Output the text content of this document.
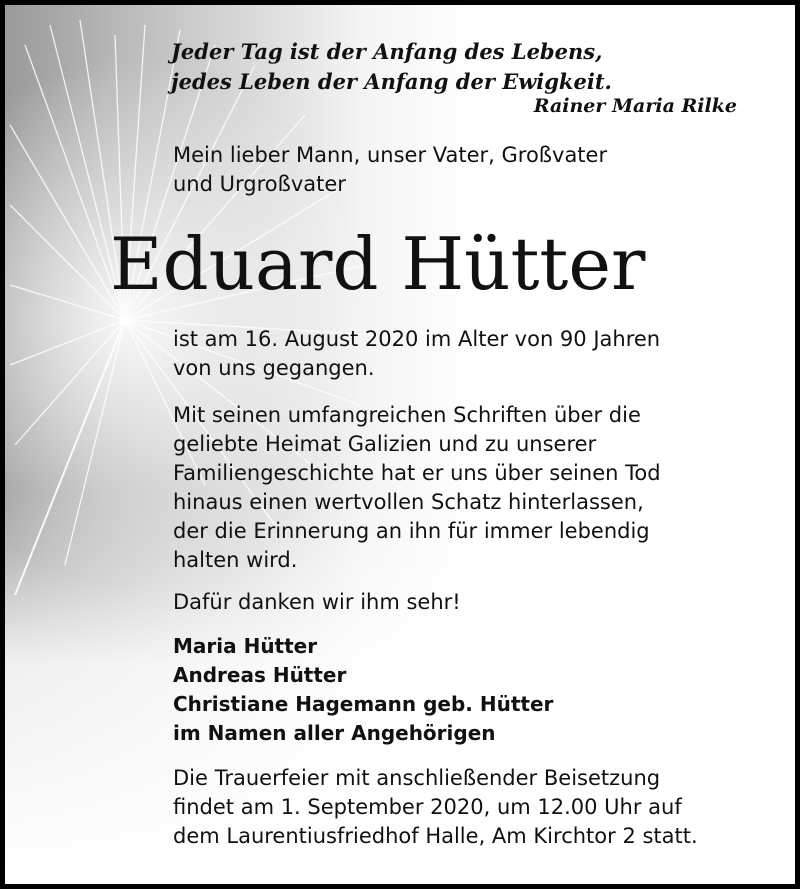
Jeder Tag ist der Anfang des Lebens,
jedes Leben der Anfang der Ewigkeit.
Rainer Maria Rilke
Mein lieber Mann, unser Vater, Großvater
und Urgroßvater
Eduard Hütter
ist am 16. August 2020 im Alter von 90 Jahren
von uns gegangen.
Mit seinen umfangreichen Schriften über die
geliebte Heimat Galizien und zu unserer
Familiengeschichte hat er uns über seinen Tod
hinaus einen wertvollen Schatz hinterlassen,
der die Erinnerung an ihn für immer lebendig
halten wird.
Dafür danken wir ihm sehr!
Maria Hütter
Andreas Hütter
Christiane Hagemann geb. Hütter
im Namen aller Angehörigen
Die Trauerfeier mit anschließender Beisetzung
findet am 1. September 2020, um 12.00 Uhr auf
dem Laurentiusfriedhof Halle, Am Kirchtor 2 statt.
